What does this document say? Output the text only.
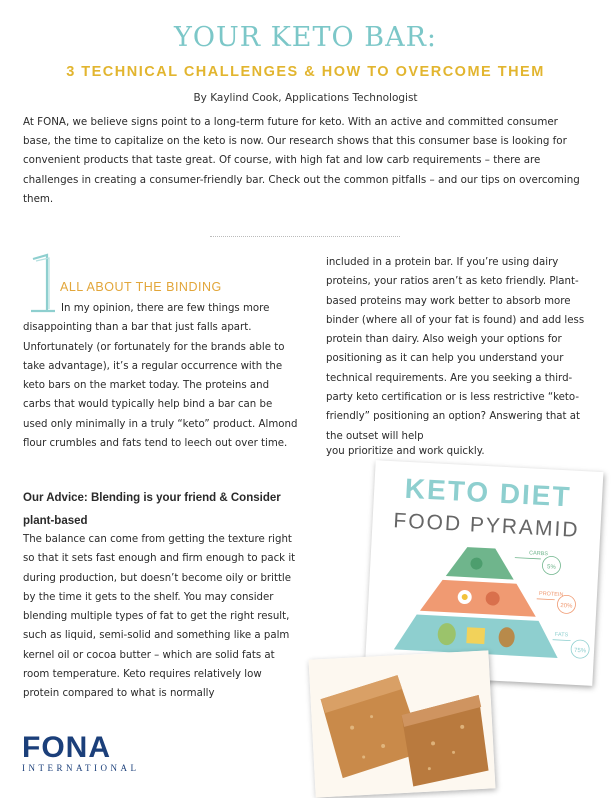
YOUR KETO BAR:
3 TECHNICAL CHALLENGES & HOW TO OVERCOME THEM
By Kaylind Cook, Applications Technologist
At FONA, we believe signs point to a long-term future for keto. With an active and committed consumer base, the time to capitalize on the keto is now. Our research shows that this consumer base is looking for convenient products that taste great. Of course, with high fat and low carb requirements – there are challenges in creating a consumer-friendly bar. Check out the common pitfalls – and our tips on overcoming them.
1
ALL ABOUT THE BINDING
In my opinion, there are few things more disappointing than a bar that just falls apart. Unfortunately (or fortunately for the brands able to take advantage), it’s a regular occurrence with the keto bars on the market today. The proteins and carbs that would typically help bind a bar can be used only minimally in a truly “keto” product. Almond flour crumbles and fats tend to leech out over time.
Our Advice: Blending is your friend & Consider plant-based
The balance can come from getting the texture right so that it sets fast enough and firm enough to pack it during production, but doesn’t become oily or brittle by the time it gets to the shelf. You may consider blending multiple types of fat to get the right result, such as liquid, semi-solid and something like a palm kernel oil or cocoa butter – which are solid fats at room temperature. Keto requires relatively low protein compared to what is normally
included in a protein bar. If you’re using dairy proteins, your ratios aren’t as keto friendly. Plant-based proteins may work better to absorb more binder (where all of your fat is found) and add less protein than dairy. Also weigh your options for positioning as it can help you understand your technical requirements. Are you seeking a third-party keto certification or is less restrictive “keto-friendly” positioning an option? Answering that at the outset will help
you prioritize and work quickly.
KETO DIET
FOOD PYRAMID
CARBS
5%
PROTEIN
20%
FATS
75%
FONA
INTERNATIONAL
